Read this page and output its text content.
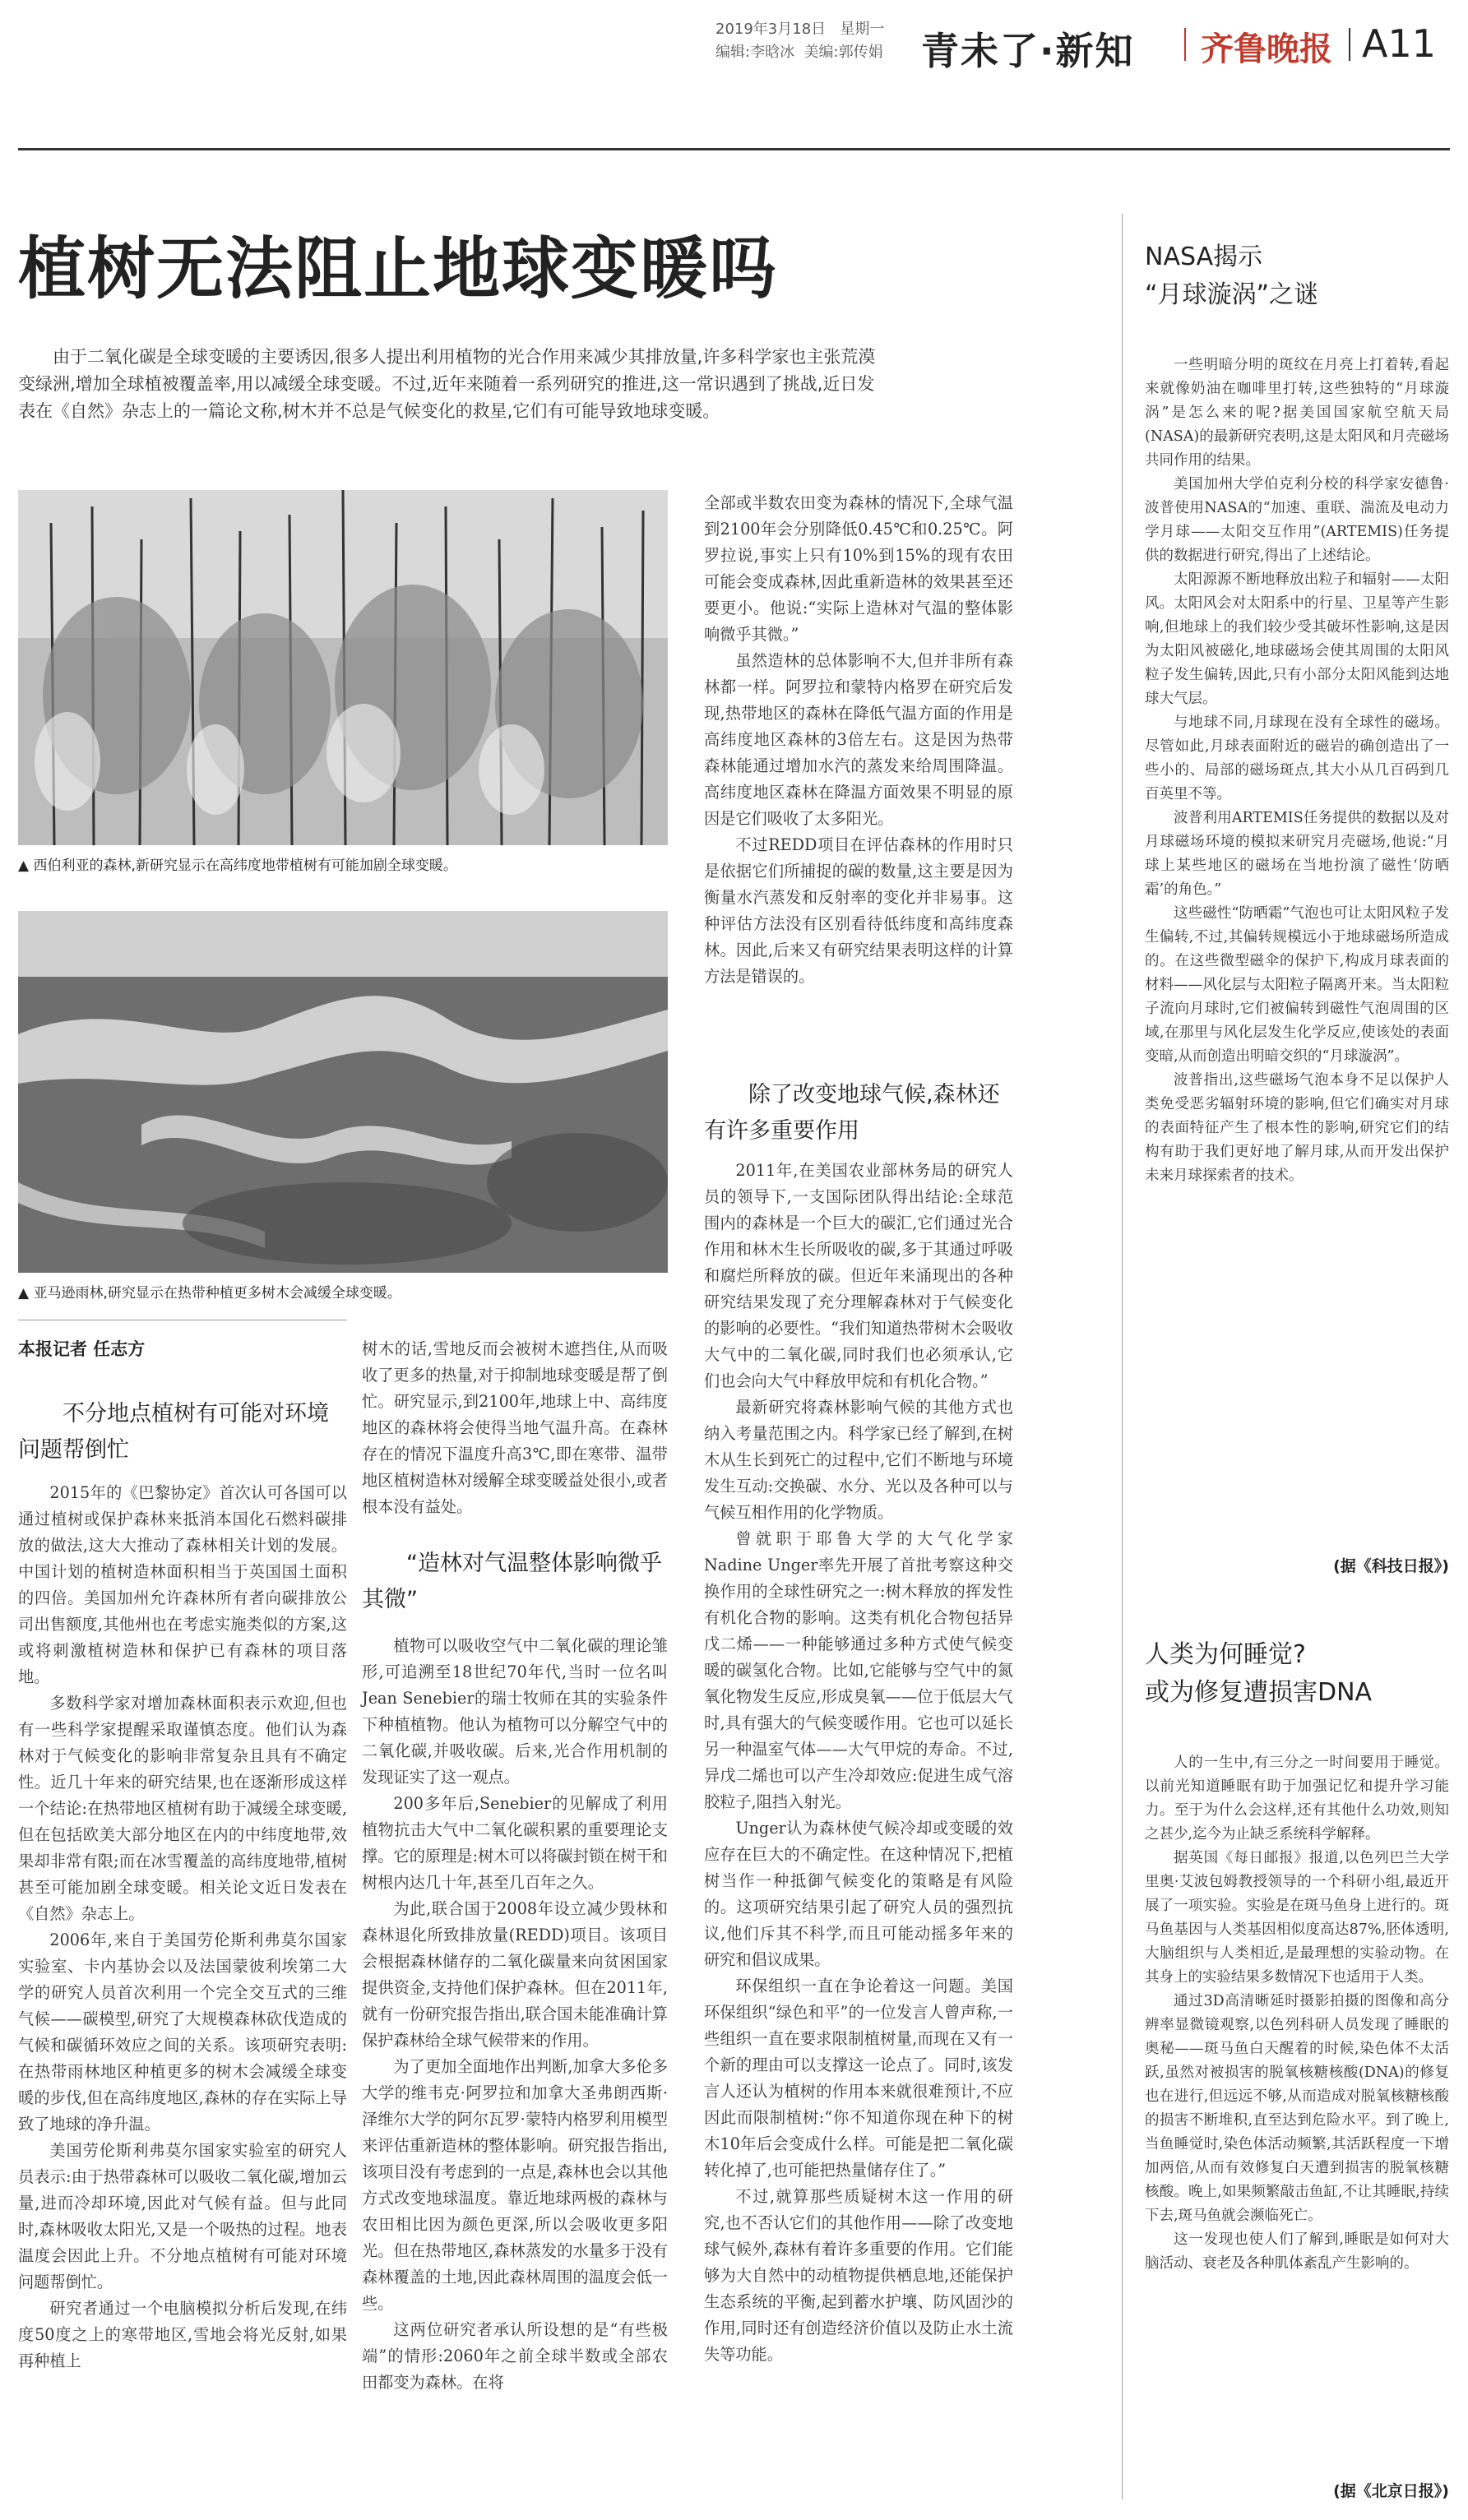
2019年3月18日 星期一
编辑:李晗冰 美编:郭传娟	青未了·新知 齐鲁晚报 A11
植树无法阻止地球变暖吗
由于二氧化碳是全球变暖的主要诱因,很多人提出利用植物的光合作用来减少其排放量,许多科学家也主张荒漠变绿洲,增加全球植被覆盖率,用以减缓全球变暖。不过,近年来随着一系列研究的推进,这一常识遇到了挑战,近日发表在《自然》杂志上的一篇论文称,树木并不总是气候变化的救星,它们有可能导致地球变暖。
▲ 西伯利亚的森林,新研究显示在高纬度地带植树有可能加剧全球变暖。
▲ 亚马逊雨林,研究显示在热带种植更多树木会减缓全球变暖。
本报记者 任志方
不分地点植树有可能对环境问题帮倒忙

2015年的《巴黎协定》首次认可各国可以通过植树或保护森林来抵消本国化石燃料碳排放的做法,这大大推动了森林相关计划的发展。中国计划的植树造林面积相当于英国国土面积的四倍。美国加州允许森林所有者向碳排放公司出售额度,其他州也在考虑实施类似的方案,这或将刺激植树造林和保护已有森林的项目落地。

多数科学家对增加森林面积表示欢迎,但也有一些科学家提醒采取谨慎态度。他们认为森林对于气候变化的影响非常复杂且具有不确定性。近几十年来的研究结果,也在逐渐形成这样一个结论:在热带地区植树有助于减缓全球变暖,但在包括欧美大部分地区在内的中纬度地带,效果却非常有限;而在冰雪覆盖的高纬度地带,植树甚至可能加剧全球变暖。相关论文近日发表在《自然》杂志上。

2006年,来自于美国劳伦斯利弗莫尔国家实验室、卡内基协会以及法国蒙彼利埃第二大学的研究人员首次利用一个完全交互式的三维气候——碳模型,研究了大规模森林砍伐造成的气候和碳循环效应之间的关系。该项研究表明:在热带雨林地区种植更多的树木会减缓全球变暖的步伐,但在高纬度地区,森林的存在实际上导致了地球的净升温。

美国劳伦斯利弗莫尔国家实验室的研究人员表示:由于热带森林可以吸收二氧化碳,增加云量,进而冷却环境,因此对气候有益。但与此同时,森林吸收太阳光,又是一个吸热的过程。地表温度会因此上升。不分地点植树有可能对环境问题帮倒忙。

研究者通过一个电脑模拟分析后发现,在纬度50度之上的寒带地区,雪地会将光反射,如果再种植上

树木的话,雪地反而会被树木遮挡住,从而吸收了更多的热量,对于抑制地球变暖是帮了倒忙。研究显示,到2100年,地球上中、高纬度地区的森林将会使得当地气温升高。在森林存在的情况下温度升高3℃,即在寒带、温带地区植树造林对缓解全球变暖益处很小,或者根本没有益处。

“造林对气温整体影响微乎其微”

植物可以吸收空气中二氧化碳的理论雏形,可追溯至18世纪70年代,当时一位名叫Jean Senebier的瑞士牧师在其的实验条件下种植植物。他认为植物可以分解空气中的二氧化碳,并吸收碳。后来,光合作用机制的发现证实了这一观点。

200多年后,Senebier的见解成了利用植物抗击大气中二氧化碳积累的重要理论支撑。它的原理是:树木可以将碳封锁在树干和树根内达几十年,甚至几百年之久。

为此,联合国于2008年设立减少毁林和森林退化所致排放量(REDD)项目。该项目会根据森林储存的二氧化碳量来向贫困国家提供资金,支持他们保护森林。但在2011年,就有一份研究报告指出,联合国未能准确计算保护森林给全球气候带来的作用。

为了更加全面地作出判断,加拿大多伦多大学的维韦克·阿罗拉和加拿大圣弗朗西斯·泽维尔大学的阿尔瓦罗·蒙特内格罗利用模型来评估重新造林的整体影响。研究报告指出,该项目没有考虑到的一点是,森林也会以其他方式改变地球温度。靠近地球两极的森林与农田相比因为颜色更深,所以会吸收更多阳光。但在热带地区,森林蒸发的水量多于没有森林覆盖的土地,因此森林周围的温度会低一些。

这两位研究者承认所设想的是“有些极端”的情形:2060年之前全球半数或全部农田都变为森林。在将

全部或半数农田变为森林的情况下,全球气温到2100年会分别降低0.45℃和0.25℃。阿罗拉说,事实上只有10%到15%的现有农田可能会变成森林,因此重新造林的效果甚至还要更小。他说:“实际上造林对气温的整体影响微乎其微。”

虽然造林的总体影响不大,但并非所有森林都一样。阿罗拉和蒙特内格罗在研究后发现,热带地区的森林在降低气温方面的作用是高纬度地区森林的3倍左右。这是因为热带森林能通过增加水汽的蒸发来给周围降温。高纬度地区森林在降温方面效果不明显的原因是它们吸收了太多阳光。

不过REDD项目在评估森林的作用时只是依据它们所捕捉的碳的数量,这主要是因为衡量水汽蒸发和反射率的变化并非易事。这种评估方法没有区别看待低纬度和高纬度森林。因此,后来又有研究结果表明这样的计算方法是错误的。

除了改变地球气候,森林还有许多重要作用

2011年,在美国农业部林务局的研究人员的领导下,一支国际团队得出结论:全球范围内的森林是一个巨大的碳汇,它们通过光合作用和林木生长所吸收的碳,多于其通过呼吸和腐烂所释放的碳。但近年来涌现出的各种研究结果发现了充分理解森林对于气候变化的影响的必要性。“我们知道热带树木会吸收大气中的二氧化碳,同时我们也必须承认,它们也会向大气中释放甲烷和有机化合物。”

最新研究将森林影响气候的其他方式也纳入考量范围之内。科学家已经了解到,在树木从生长到死亡的过程中,它们不断地与环境发生互动:交换碳、水分、光以及各种可以与气候互相作用的化学物质。

曾就职于耶鲁大学的大气化学家Nadine Unger率先开展了首批考察这种交换作用的全球性研究之一:树木释放的挥发性有机化合物的影响。这类有机化合物包括异戊二烯——一种能够通过多种方式使气候变暖的碳氢化合物。比如,它能够与空气中的氮氧化物发生反应,形成臭氧——位于低层大气时,具有强大的气候变暖作用。它也可以延长另一种温室气体——大气甲烷的寿命。不过,异戊二烯也可以产生冷却效应:促进生成气溶胶粒子,阻挡入射光。

Unger认为森林使气候冷却或变暖的效应存在巨大的不确定性。在这种情况下,把植树当作一种抵御气候变化的策略是有风险的。这项研究结果引起了研究人员的强烈抗议,他们斥其不科学,而且可能动摇多年来的研究和倡议成果。

环保组织一直在争论着这一问题。美国环保组织“绿色和平”的一位发言人曾声称,一些组织一直在要求限制植树量,而现在又有一个新的理由可以支撑这一论点了。同时,该发言人还认为植树的作用本来就很难预计,不应因此而限制植树:“你不知道你现在种下的树木10年后会变成什么样。可能是把二氧化碳转化掉了,也可能把热量储存住了。”

不过,就算那些质疑树木这一作用的研究,也不否认它们的其他作用——除了改变地球气候外,森林有着许多重要的作用。它们能够为大自然中的动植物提供栖息地,还能保护生态系统的平衡,起到蓄水护壤、防风固沙的作用,同时还有创造经济价值以及防止水土流失等功能。

NASA揭示
“月球漩涡”之谜

一些明暗分明的斑纹在月亮上打着转,看起来就像奶油在咖啡里打转,这些独特的“月球漩涡”是怎么来的呢?据美国国家航空航天局(NASA)的最新研究表明,这是太阳风和月壳磁场共同作用的结果。

美国加州大学伯克利分校的科学家安德鲁·波普使用NASA的“加速、重联、湍流及电动力学月球——太阳交互作用”(ARTEMIS)任务提供的数据进行研究,得出了上述结论。

太阳源源不断地释放出粒子和辐射——太阳风。太阳风会对太阳系中的行星、卫星等产生影响,但地球上的我们较少受其破坏性影响,这是因为太阳风被磁化,地球磁场会使其周围的太阳风粒子发生偏转,因此,只有小部分太阳风能到达地球大气层。

与地球不同,月球现在没有全球性的磁场。尽管如此,月球表面附近的磁岩的确创造出了一些小的、局部的磁场斑点,其大小从几百码到几百英里不等。

波普利用ARTEMIS任务提供的数据以及对月球磁场环境的模拟来研究月壳磁场,他说:“月球上某些地区的磁场在当地扮演了磁性‘防晒霜’的角色。”

这些磁性“防晒霜”气泡也可让太阳风粒子发生偏转,不过,其偏转规模远小于地球磁场所造成的。在这些微型磁伞的保护下,构成月球表面的材料——风化层与太阳粒子隔离开来。当太阳粒子流向月球时,它们被偏转到磁性气泡周围的区域,在那里与风化层发生化学反应,使该处的表面变暗,从而创造出明暗交织的“月球漩涡”。

波普指出,这些磁场气泡本身不足以保护人类免受恶劣辐射环境的影响,但它们确实对月球的表面特征产生了根本性的影响,研究它们的结构有助于我们更好地了解月球,从而开发出保护未来月球探索者的技术。

(据《科技日报》)
人类为何睡觉?
或为修复遭损害DNA

人的一生中,有三分之一时间要用于睡觉。以前光知道睡眠有助于加强记忆和提升学习能力。至于为什么会这样,还有其他什么功效,则知之甚少,迄今为止缺乏系统科学解释。

据英国《每日邮报》报道,以色列巴兰大学里奥·艾波包姆教授领导的一个科研小组,最近开展了一项实验。实验是在斑马鱼身上进行的。斑马鱼基因与人类基因相似度高达87%,胚体透明,大脑组织与人类相近,是最理想的实验动物。在其身上的实验结果多数情况下也适用于人类。

通过3D高清晰延时摄影拍摄的图像和高分辨率显微镜观察,以色列科研人员发现了睡眠的奥秘——斑马鱼白天醒着的时候,染色体不太活跃,虽然对被损害的脱氧核糖核酸(DNA)的修复也在进行,但远远不够,从而造成对脱氧核糖核酸的损害不断堆积,直至达到危险水平。到了晚上,当鱼睡觉时,染色体活动频繁,其活跃程度一下增加两倍,从而有效修复白天遭到损害的脱氧核糖核酸。晚上,如果频繁敲击鱼缸,不让其睡眠,持续下去,斑马鱼就会濒临死亡。

这一发现也使人们了解到,睡眠是如何对大脑活动、衰老及各种肌体紊乱产生影响的。

(据《北京日报》)
